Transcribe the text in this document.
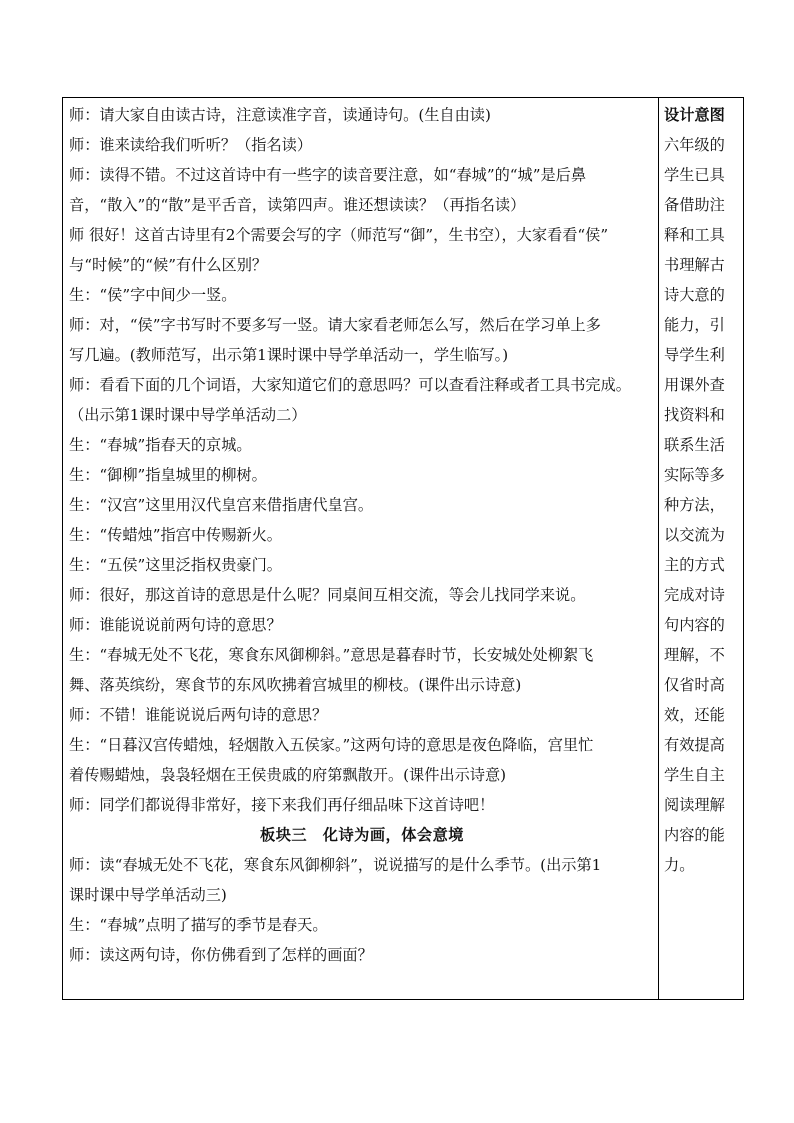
师：请大家自由读古诗，注意读准字音，读通诗句。(生自由读)
师：谁来读给我们听听？（指名读）
师：读得不错。不过这首诗中有一些字的读音要注意，如“春城”的“城”是后鼻
音，“散入”的“散”是平舌音，读第四声。谁还想读读？（再指名读）
师 很好！这首古诗里有2个需要会写的字（师范写“御”，生书空），大家看看“侯”
与“时候”的“候”有什么区别？
生：“侯”字中间少一竖。
师：对，“侯”字书写时不要多写一竖。请大家看老师怎么写，然后在学习单上多
写几遍。(教师范写，出示第1课时课中导学单活动一，学生临写。)
师：看看下面的几个词语，大家知道它们的意思吗？可以查看注释或者工具书完成。
（出示第1课时课中导学单活动二）
生：“春城”指春天的京城。
生：“御柳”指皇城里的柳树。
生：“汉宫”这里用汉代皇宫来借指唐代皇宫。
生：“传蜡烛”指宫中传赐新火。
生：“五侯”这里泛指权贵豪门。
师：很好，那这首诗的意思是什么呢？同桌间互相交流，等会儿找同学来说。
师：谁能说说前两句诗的意思？
生：“春城无处不飞花，寒食东风御柳斜。”意思是暮春时节，长安城处处柳絮飞
舞、落英缤纷，寒食节的东风吹拂着宫城里的柳枝。(课件出示诗意)
师：不错！谁能说说后两句诗的意思？
生：“日暮汉宫传蜡烛，轻烟散入五侯家。”这两句诗的意思是夜色降临，宫里忙
着传赐蜡烛，袅袅轻烟在王侯贵戚的府第飘散开。(课件出示诗意)
师：同学们都说得非常好，接下来我们再仔细品味下这首诗吧！
板块三　化诗为画，体会意境
师：读“春城无处不飞花，寒食东风御柳斜”，说说描写的是什么季节。(出示第1
课时课中导学单活动三)
生：“春城”点明了描写的季节是春天。
师：读这两句诗，你仿佛看到了怎样的画面？
设计意图
六年级的
学生已具
备借助注
释和工具
书理解古
诗大意的
能力，引
导学生利
用课外查
找资料和
联系生活
实际等多
种方法，
以交流为
主的方式
完成对诗
句内容的
理解，不
仅省时高
效，还能
有效提高
学生自主
阅读理解
内容的能
力。
